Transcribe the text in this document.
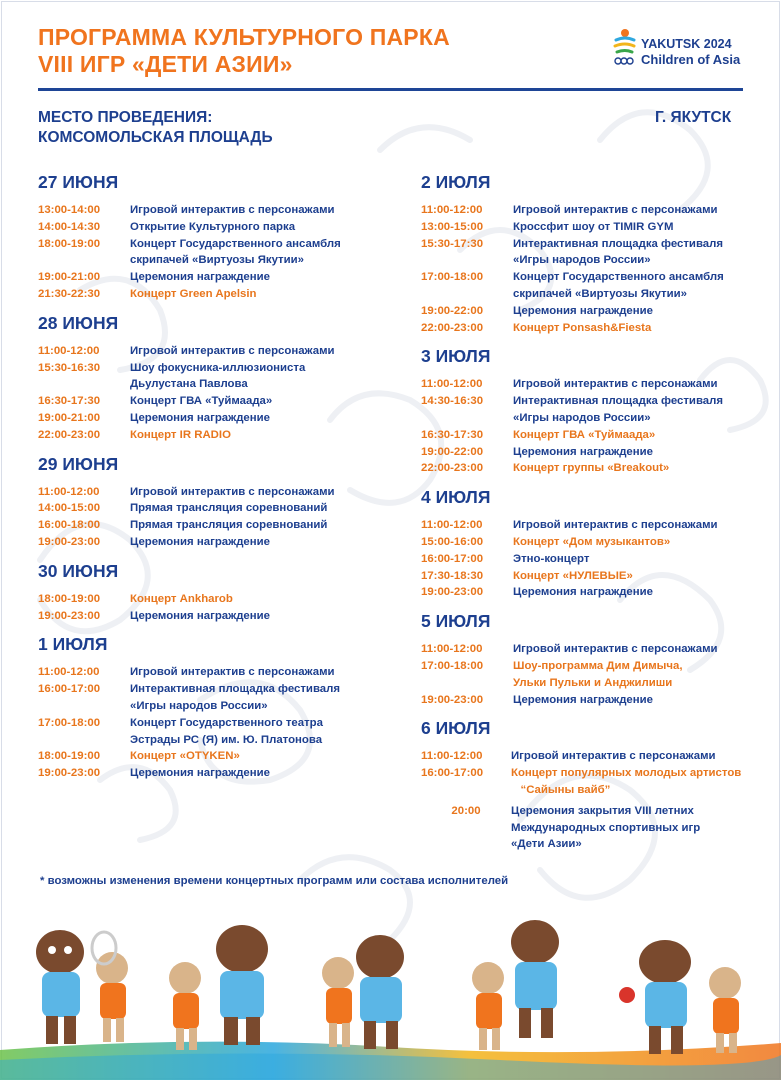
ПРОГРАММА КУЛЬТУРНОГО ПАРКА
VIII ИГР «ДЕТИ АЗИИ»
YAKUTSK 2024
Children of Asia
МЕСТО ПРОВЕДЕНИЯ:
КОМСОМОЛЬСКАЯ ПЛОЩАДЬ
Г. ЯКУТСК
27 ИЮНЯ
13:00-14:00	Игровой интерактив с персонажами
14:00-14:30	Открытие Культурного парка
18:00-19:00	Концерт Государственного ансамбля
скрипачей «Виртуозы Якутии»
19:00-21:00	Церемония награждение
21:30-22:30	Концерт Green Apelsin
28 ИЮНЯ
11:00-12:00	Игровой интерактив с персонажами
15:30-16:30	Шоу фокусника-иллюзиониста
Дьулустана Павлова
16:30-17:30	Концерт ГВА «Туймаада»
19:00-21:00	Церемония награждение
22:00-23:00	Концерт IR RADIO
29 ИЮНЯ
11:00-12:00	Игровой интерактив с персонажами
14:00-15:00	Прямая трансляция соревнований
16:00-18:00	Прямая трансляция соревнований
19:00-23:00	Церемония награждение
30 ИЮНЯ
18:00-19:00	Концерт Ankharob
19:00-23:00	Церемония награждение
1 ИЮЛЯ
11:00-12:00	Игровой интерактив с персонажами
16:00-17:00	Интерактивная площадка фестиваля
«Игры народов России»
17:00-18:00	Концерт Государственного театра
Эстрады РС (Я) им. Ю. Платонова
18:00-19:00	Концерт «OTYKEN»
19:00-23:00	Церемония награждение
2 ИЮЛЯ
11:00-12:00	Игровой интерактив с персонажами
13:00-15:00	Кроссфит шоу от TIMIR GYM
15:30-17:30	Интерактивная площадка фестиваля
«Игры народов России»
17:00-18:00	Концерт Государственного ансамбля
скрипачей «Виртуозы Якутии»
19:00-22:00	Церемония награждение
22:00-23:00	Концерт Ponsash&Fiesta
3 ИЮЛЯ
11:00-12:00	Игровой интерактив с персонажами
14:30-16:30	Интерактивная площадка фестиваля
«Игры народов России»
16:30-17:30	Концерт ГВА «Туймаада»
19:00-22:00	Церемония награждение
22:00-23:00	Концерт группы «Breakout»
4 ИЮЛЯ
11:00-12:00	Игровой интерактив с персонажами
15:00-16:00	Концерт «Дом музыкантов»
16:00-17:00	Этно-концерт
17:30-18:30	Концерт «НУЛЕВЫЕ»
19:00-23:00	Церемония награждение
5 ИЮЛЯ
11:00-12:00	Игровой интерактив с персонажами
17:00-18:00	Шоу-программа Дим Димыча,
Ульки Пульки и Анджилиши
19:00-23:00	Церемония награждение
6 ИЮЛЯ
11:00-12:00	Игровой интерактив с персонажами
16:00-17:00	Концерт популярных молодых артистов
“Сайыны вайб”
20:00	Церемония закрытия VIII летних
Международных спортивных игр
«Дети Азии»
* возможны изменения времени концертных программ или состава исполнителей
